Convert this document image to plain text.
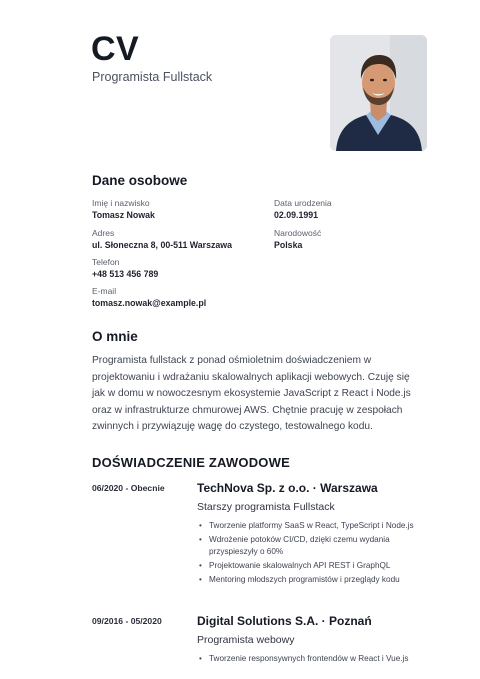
CV
Programista Fullstack
Dane osobowe
Imię i nazwisko
Tomasz Nowak
Data urodzenia
02.09.1991
Adres
ul. Słoneczna 8, 00-511 Warszawa
Narodowość
Polska
Telefon
+48 513 456 789
E-mail
tomasz.nowak@example.pl
O mnie
Programista fullstack z ponad ośmioletnim doświadczeniem w projektowaniu i wdrażaniu skalowalnych aplikacji webowych. Czuję się jak w domu w nowoczesnym ekosystemie JavaScript z React i Node.js oraz w infrastrukturze chmurowej AWS. Chętnie pracuję w zespołach zwinnych i przywiązuję wagę do czystego, testowalnego kodu.
DOŚWIADCZENIE ZAWODOWE
06/2020 - Obecnie	TechNova Sp. z o.o. · Warszawa
Starszy programista Fullstack
• Tworzenie platformy SaaS w React, TypeScript i Node.js
• Wdrożenie potoków CI/CD, dzięki czemu wydania przyspieszyły o 60%
• Projektowanie skalowalnych API REST i GraphQL
• Mentoring młodszych programistów i przeglądy kodu
09/2016 - 05/2020	Digital Solutions S.A. · Poznań
Programista webowy
• Tworzenie responsywnych frontendów w React i Vue.js
